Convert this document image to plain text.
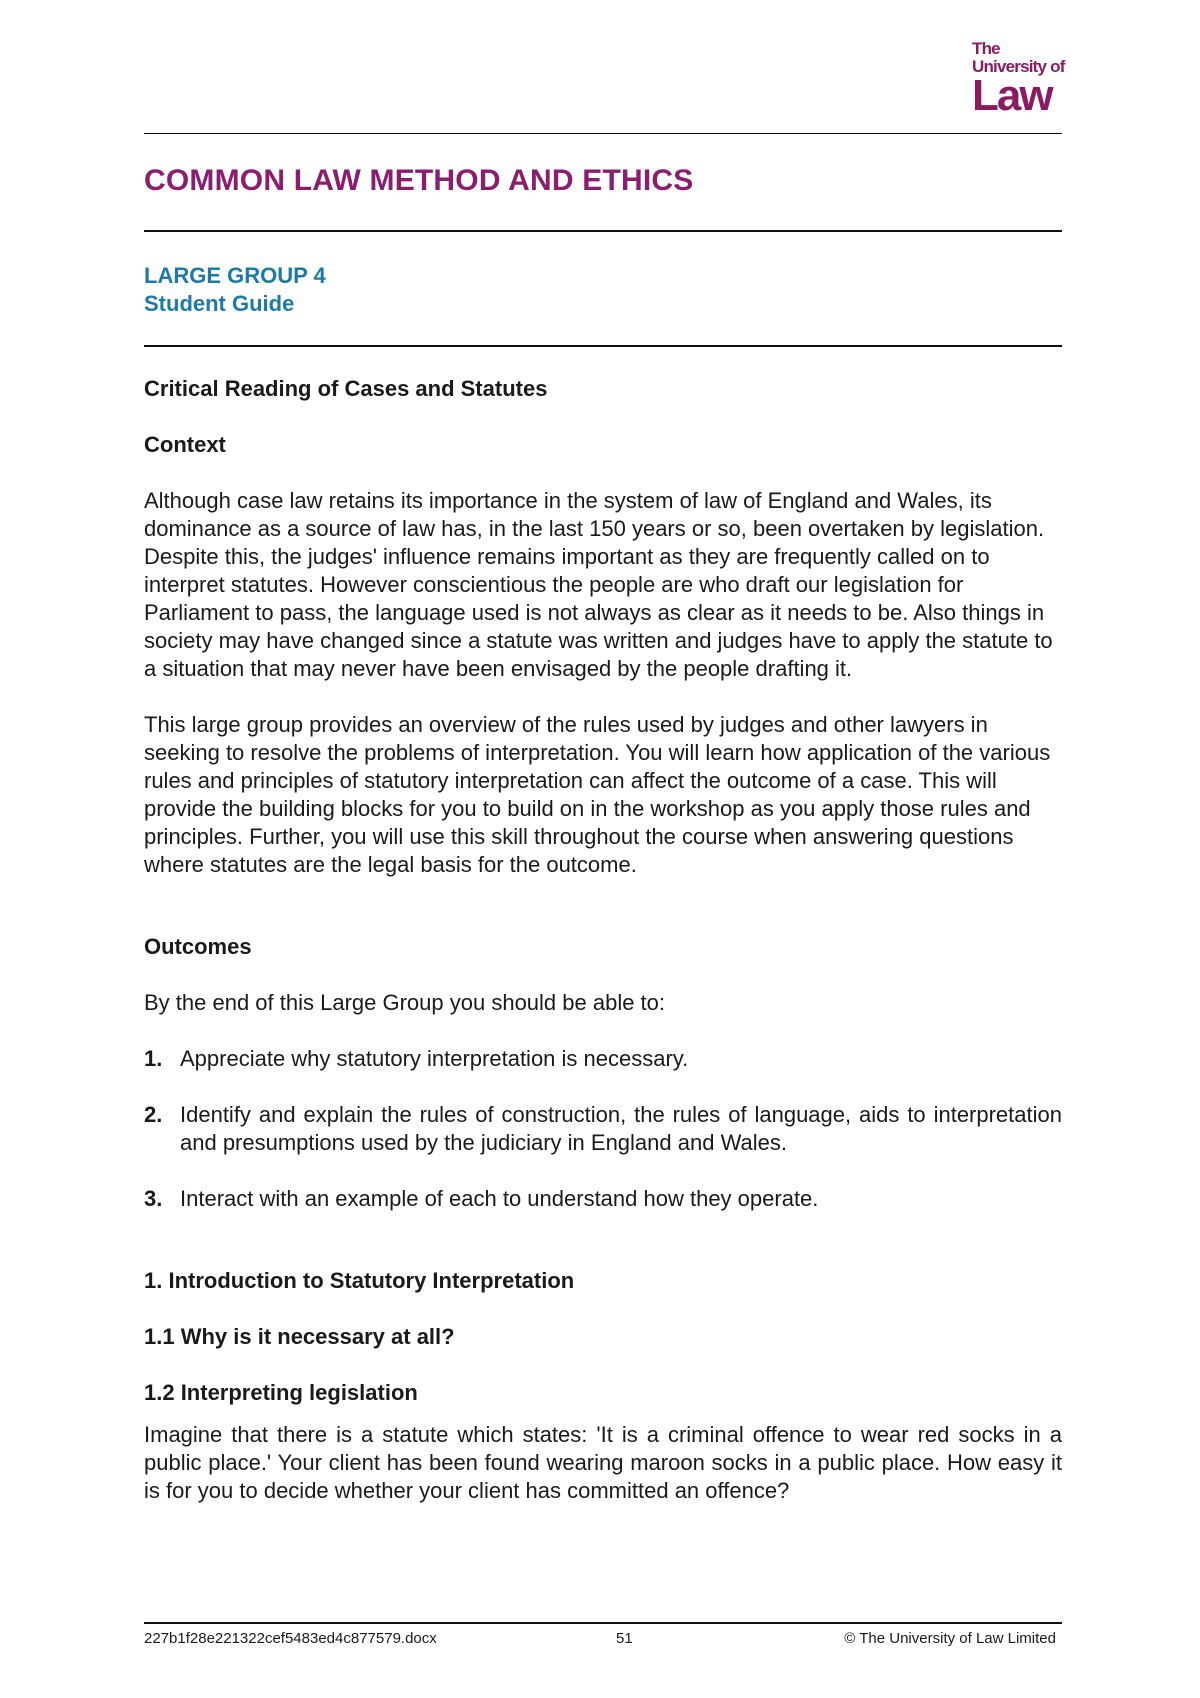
The
University of
Law
COMMON LAW METHOD AND ETHICS
LARGE GROUP 4
Student Guide
Critical Reading of Cases and Statutes
Context

Although case law retains its importance in the system of law of England and Wales, its dominance as a source of law has, in the last 150 years or so, been overtaken by legislation. Despite this, the judges' influence remains important as they are frequently called on to interpret statutes. However conscientious the people are who draft our legislation for Parliament to pass, the language used is not always as clear as it needs to be. Also things in society may have changed since a statute was written and judges have to apply the statute to a situation that may never have been envisaged by the people drafting it.

This large group provides an overview of the rules used by judges and other lawyers in seeking to resolve the problems of interpretation. You will learn how application of the various rules and principles of statutory interpretation can affect the outcome of a case. This will provide the building blocks for you to build on in the workshop as you apply those rules and principles. Further, you will use this skill throughout the course when answering questions where statutes are the legal basis for the outcome.

Outcomes

By the end of this Large Group you should be able to:

1. Appreciate why statutory interpretation is necessary.
2. Identify and explain the rules of construction, the rules of language, aids to interpretation and presumptions used by the judiciary in England and Wales.
3. Interact with an example of each to understand how they operate.
1. Introduction to Statutory Interpretation
1.1 Why is it necessary at all?
1.2 Interpreting legislation

Imagine that there is a statute which states: 'It is a criminal offence to wear red socks in a public place.' Your client has been found wearing maroon socks in a public place. How easy it is for you to decide whether your client has committed an offence?

227b1f28e221322cef5483ed4c877579.docx	51	© The University of Law Limited
